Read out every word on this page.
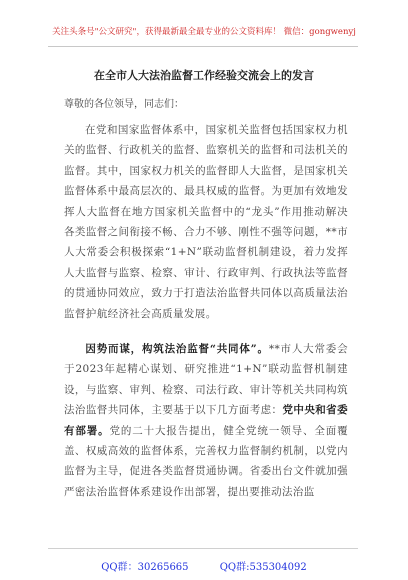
关注头条号"公文研究"，获得最新最全最专业的公文资料库！ 微信：gongwenyj
在全市人大法治监督工作经验交流会上的发言
尊敬的各位领导，同志们：
在党和国家监督体系中，国家机关监督包括国家权力机关的监督、行政机关的监督、监察机关的监督和司法机关的监督。其中，国家权力机关的监督即人大监督，是国家机关监督体系中最高层次的、最具权威的监督。为更加有效地发挥人大监督在地方国家机关监督中的“龙头”作用推动解决各类监督之间衔接不畅、合力不够、刚性不强等问题，**市人大常委会积极探索“1+N”联动监督机制建设，着力发挥人大监督与监察、检察、审计、行政审判、行政执法等监督的贯通协同效应，致力于打造法治监督共同体以高质量法治监督护航经济社会高质量发展。
因势而谋，构筑法治监督“共同体”。**市人大常委会于2023年起精心谋划、研究推进“1+N”联动监督机制建设，与监察、审判、检察、司法行政、审计等机关共同构筑法治监督共同体，主要基于以下几方面考虑：党中央和省委有部署。党的二十大报告提出，健全党统一领导、全面覆盖、权威高效的监督体系，完善权力监督制约机制，以党内监督为主导，促进各类监督贯通协调。省委出台文件就加强严密法治监督体系建设作出部署，提出要推动法治监
QQ群：30265665	QQ群:535304092
